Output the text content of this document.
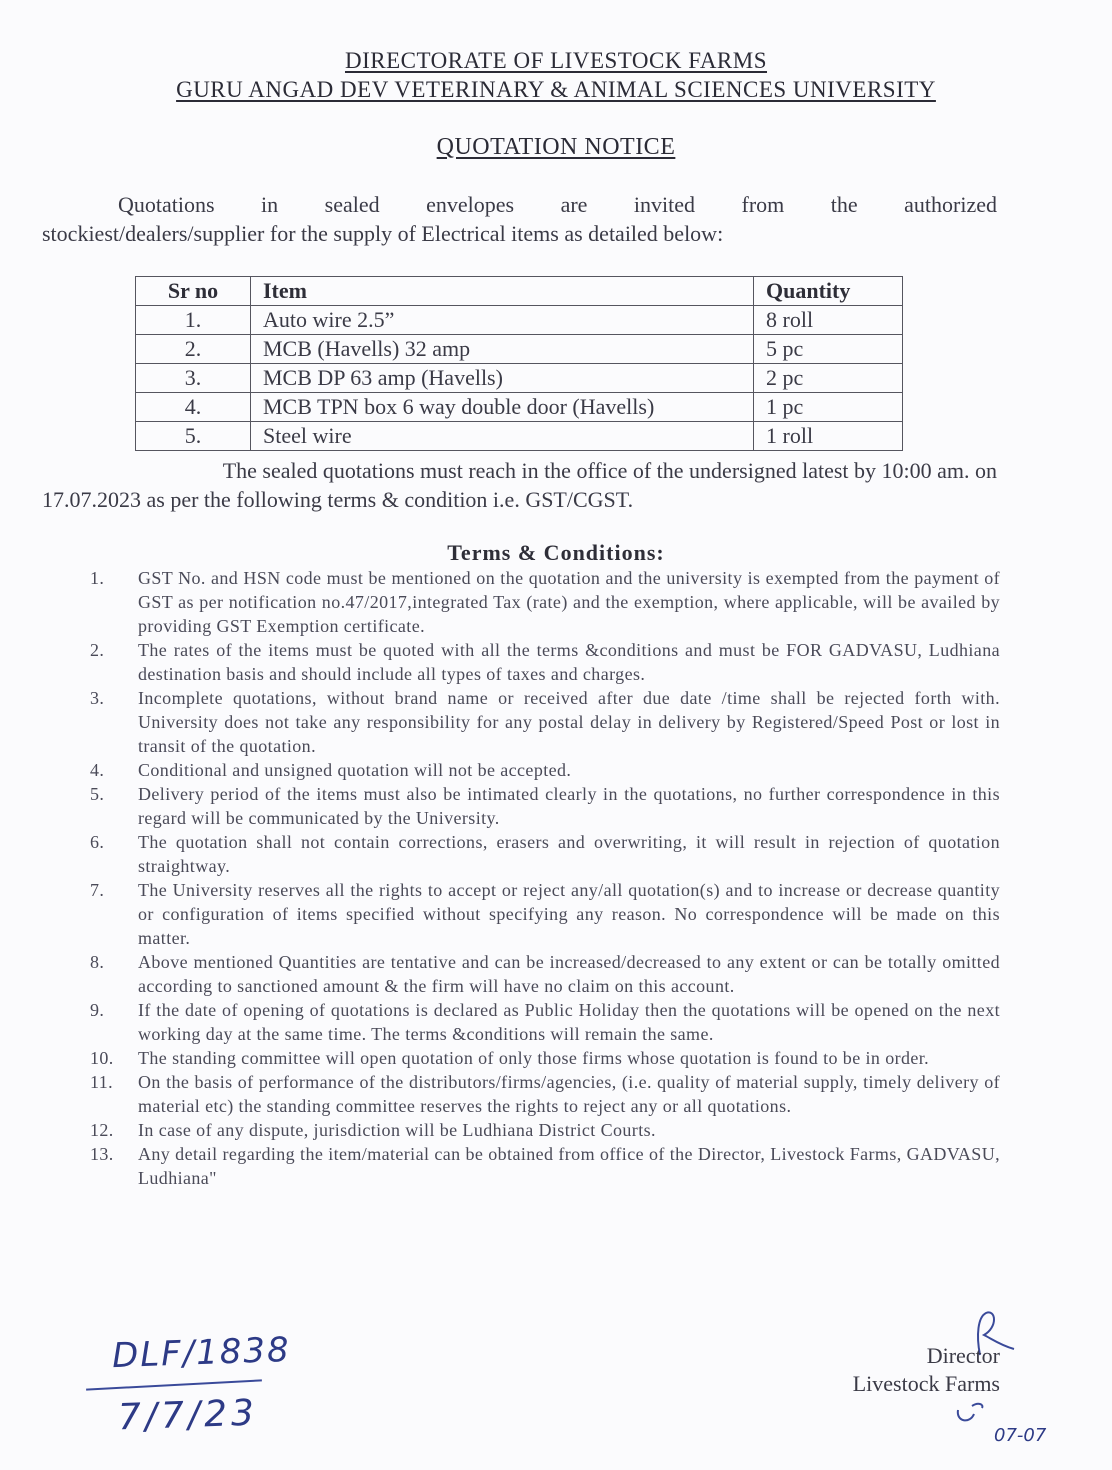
DIRECTORATE OF LIVESTOCK FARMS
GURU ANGAD DEV VETERINARY & ANIMAL SCIENCES UNIVERSITY
QUOTATION NOTICE
Quotations in sealed envelopes are invited from the authorized
stockiest/dealers/supplier for the supply of Electrical items as detailed below:
Sr no	Item	Quantity
1.	Auto wire 2.5”	8 roll
2.	MCB (Havells) 32 amp	5 pc
3.	MCB DP 63 amp (Havells)	2 pc
4.	MCB TPN box 6 way double door (Havells)	1 pc
5.	Steel wire	1 roll
The sealed quotations must reach in the office of the undersigned latest by 10:00 am. on
17.07.2023 as per the following terms & condition i.e. GST/CGST.
Terms & Conditions:
1.	GST No. and HSN code must be mentioned on the quotation and the university is exempted from the payment of GST as per notification no.47/2017,integrated Tax (rate) and the exemption, where applicable, will be availed by providing GST Exemption certificate.
2.	The rates of the items must be quoted with all the terms &conditions and must be FOR GADVASU, Ludhiana destination basis and should include all types of taxes and charges.
3.	Incomplete quotations, without brand name or received after due date /time shall be rejected forth with. University does not take any responsibility for any postal delay in delivery by Registered/Speed Post or lost in transit of the quotation.
4.	Conditional and unsigned quotation will not be accepted.
5.	Delivery period of the items must also be intimated clearly in the quotations, no further correspondence in this regard will be communicated by the University.
6.	The quotation shall not contain corrections, erasers and overwriting, it will result in rejection of quotation straightway.
7.	The University reserves all the rights to accept or reject any/all quotation(s) and to increase or decrease quantity or configuration of items specified without specifying any reason. No correspondence will be made on this matter.
8.	Above mentioned Quantities are tentative and can be increased/decreased to any extent or can be totally omitted according to sanctioned amount & the firm will have no claim on this account.
9.	If the date of opening of quotations is declared as Public Holiday then the quotations will be opened on the next working day at the same time. The terms &conditions will remain the same.
10.	The standing committee will open quotation of only those firms whose quotation is found to be in order.
11.	On the basis of performance of the distributors/firms/agencies, (i.e. quality of material supply, timely delivery of material etc) the standing committee reserves the rights to reject any or all quotations.
12.	In case of any dispute, jurisdiction will be Ludhiana District Courts.
13.	Any detail regarding the item/material can be obtained from office of the Director, Livestock Farms, GADVASU, Ludhiana"
DLF/1838
7/7/23
Director
Livestock Farms
07-07
